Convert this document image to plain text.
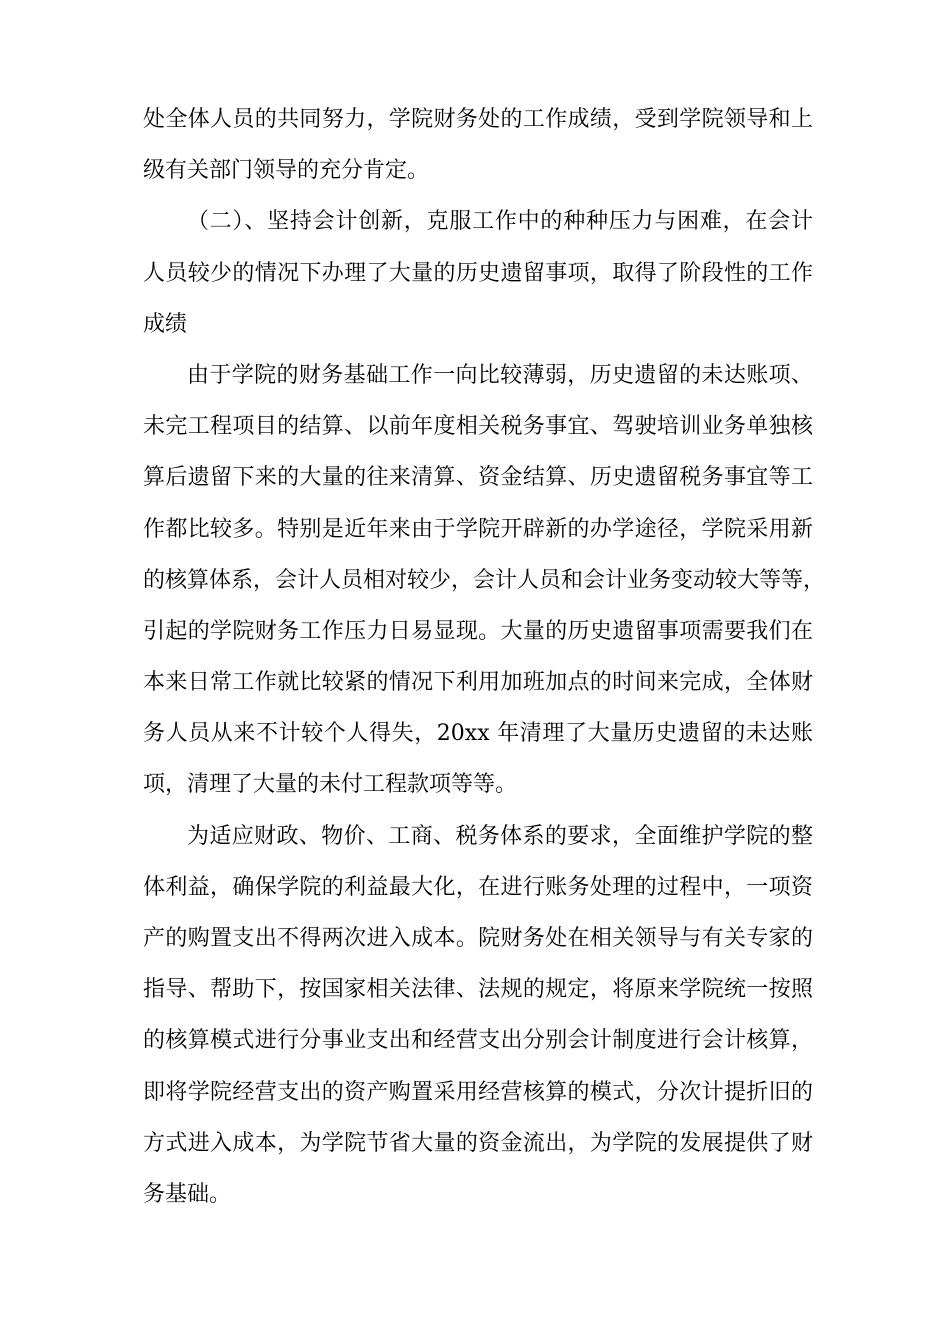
处全体人员的共同努力，学院财务处的工作成绩，受到学院领导和上
级有关部门领导的充分肯定。

（二）、坚持会计创新，克服工作中的种种压力与困难，在会计
人员较少的情况下办理了大量的历史遗留事项，取得了阶段性的工作
成绩

由于学院的财务基础工作一向比较薄弱，历史遗留的未达账项、
未完工程项目的结算、以前年度相关税务事宜、驾驶培训业务单独核
算后遗留下来的大量的往来清算、资金结算、历史遗留税务事宜等工
作都比较多。特别是近年来由于学院开辟新的办学途径，学院采用新
的核算体系，会计人员相对较少，会计人员和会计业务变动较大等等，
引起的学院财务工作压力日易显现。大量的历史遗留事项需要我们在
本来日常工作就比较紧的情况下利用加班加点的时间来完成，全体财
务人员从来不计较个人得失，20xx 年清理了大量历史遗留的未达账
项，清理了大量的未付工程款项等等。

为适应财政、物价、工商、税务体系的要求，全面维护学院的整
体利益，确保学院的利益最大化，在进行账务处理的过程中，一项资
产的购置支出不得两次进入成本。院财务处在相关领导与有关专家的
指导、帮助下，按国家相关法律、法规的规定，将原来学院统一按照
的核算模式进行分事业支出和经营支出分别会计制度进行会计核算，
即将学院经营支出的资产购置采用经营核算的模式，分次计提折旧的
方式进入成本，为学院节省大量的资金流出，为学院的发展提供了财
务基础。
